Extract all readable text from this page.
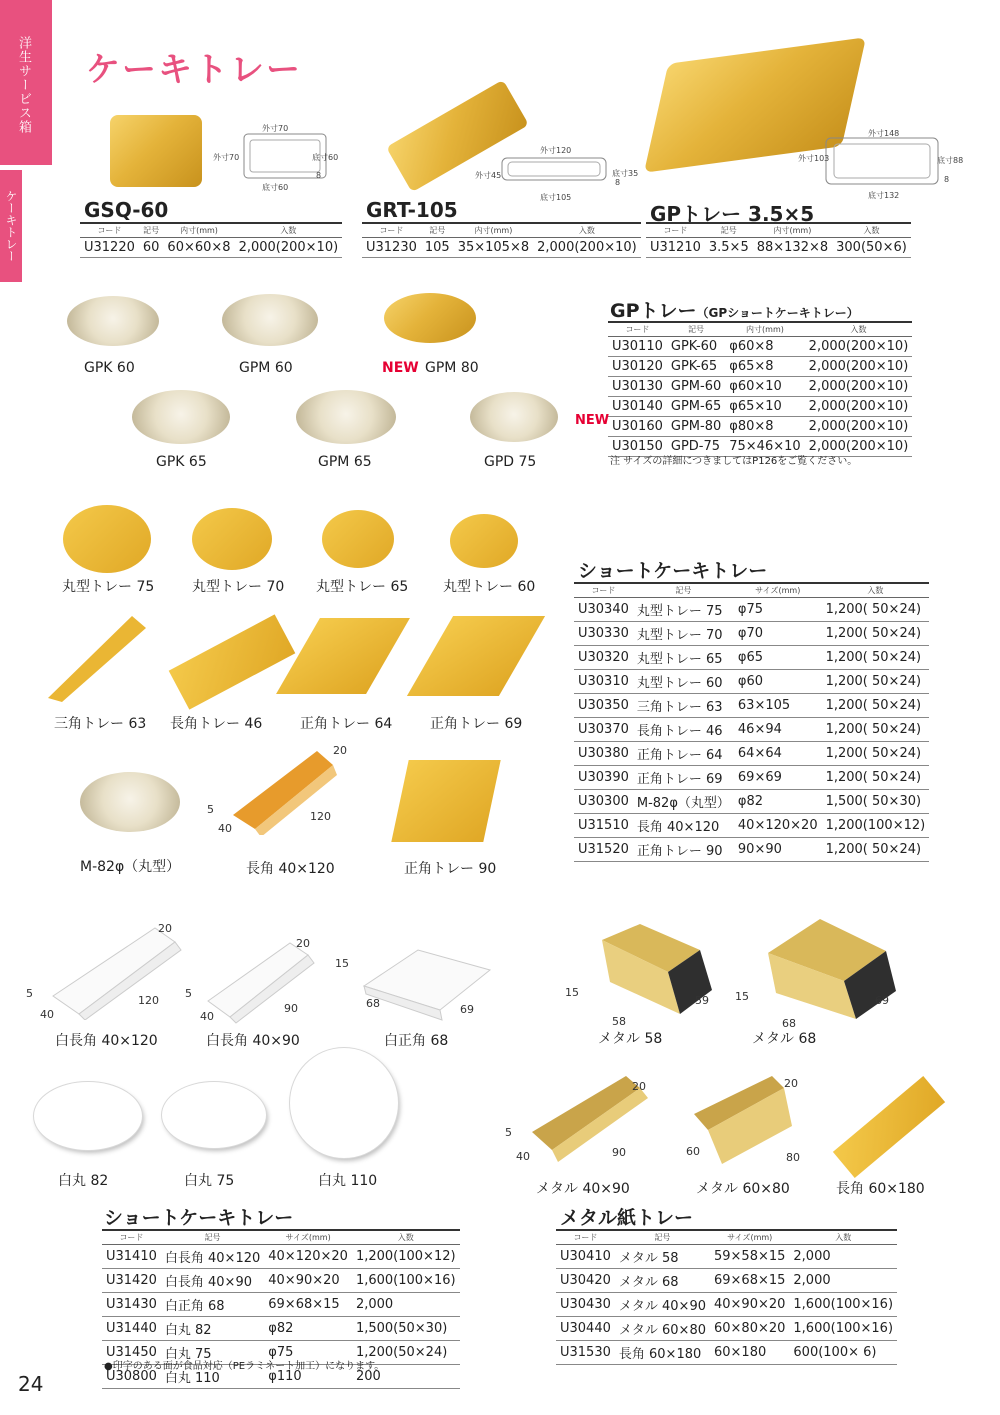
洋生サービス箱
ケーキトレー
ケーキトレー
外寸70
外寸70	底寸60
8
底寸60
GSQ-60
コード	記号	内寸(mm)	入数
U31220	60	60×60×8	2,000(200×10)
外寸120
外寸45	底寸35
8
底寸105
GRT-105
コード	記号	内寸(mm)	入数
U31230	105	35×105×8	2,000(200×10)
外寸148
外寸103	底寸88
8
底寸132
GPトレー 3.5×5
コード	記号	内寸(mm)	入数
U31210	3.5×5	88×132×8	300(50×6)
GPK 60	GPM 60	NEW GPM 80
GPK 65	GPM 65	GPD 75
GPトレー（GPショートケーキトレー）
コード	記号	内寸(mm)	入数
U30110	GPK-60	φ60×8	2,000(200×10)
U30120	GPK-65	φ65×8	2,000(200×10)
U30130	GPM-60	φ60×10	2,000(200×10)
U30140	GPM-65	φ65×10	2,000(200×10)
U30160	GPM-80	φ80×8	2,000(200×10)
U30150	GPD-75	75×46×10	2,000(200×10)
NEW
注 サイズの詳細につきましてはP126をご覧ください。
丸型トレー 75	丸型トレー 70 丸型トレー 65 丸型トレー 60
三角トレー 63 長角トレー 46	正角トレー 64	正角トレー 69
20
5
40
120
M-82φ（丸型）	長角 40×120	正角トレー 90
ショートケーキトレー
コード	記号	サイズ(mm)	入数
U30340	丸型トレー 75	φ75	1,200( 50×24)
U30330	丸型トレー 70	φ70	1,200( 50×24)
U30320	丸型トレー 65	φ65	1,200( 50×24)
U30310	丸型トレー 60	φ60	1,200( 50×24)
U30350	三角トレー 63	63×105	1,200( 50×24)
U30370	長角トレー 46	46×94	1,200( 50×24)
U30380	正角トレー 64	64×64	1,200( 50×24)
U30390	正角トレー 69	69×69	1,200( 50×24)
U30300	M-82φ（丸型）	φ82	1,500( 50×30)
U31510	長角 40×120	40×120×20	1,200(100×12)
U31520	正角トレー 90	90×90	1,200( 50×24)
20
5
40
120
20
5
40
90
15
68	69
白長角 40×120	白長角 40×90	白正角 68
白丸 82	白丸 75	白丸 110
ショートケーキトレー
コード	記号	サイズ(mm)	入数
U31410	白長角 40×120	40×120×20	1,200(100×12)
U31420	白長角 40×90	40×90×20	1,600(100×16)
U31430	白正角 68	69×68×15	2,000
U31440	白丸 82	φ82	1,500(50×30)
U31450	白丸 75	φ75	1,200(50×24)
U30800	白丸 110	φ110	200
●印字のある面が食品対応（PEラミネート加工）になります。
15
58
59 15
68
69
メタル 58	メタル 68
20
5
40	90
20
60	80
メタル 40×90	メタル 60×80	長角 60×180
メタル紙トレー
コード	記号	サイズ(mm)	入数
U30410	メタル 58	59×58×15	2,000
U30420	メタル 68	69×68×15	2,000
U30430	メタル 40×90	40×90×20	1,600(100×16)
U30440	メタル 60×80	60×80×20	1,600(100×16)
U31530	長角 60×180	60×180	600(100× 6)
24
